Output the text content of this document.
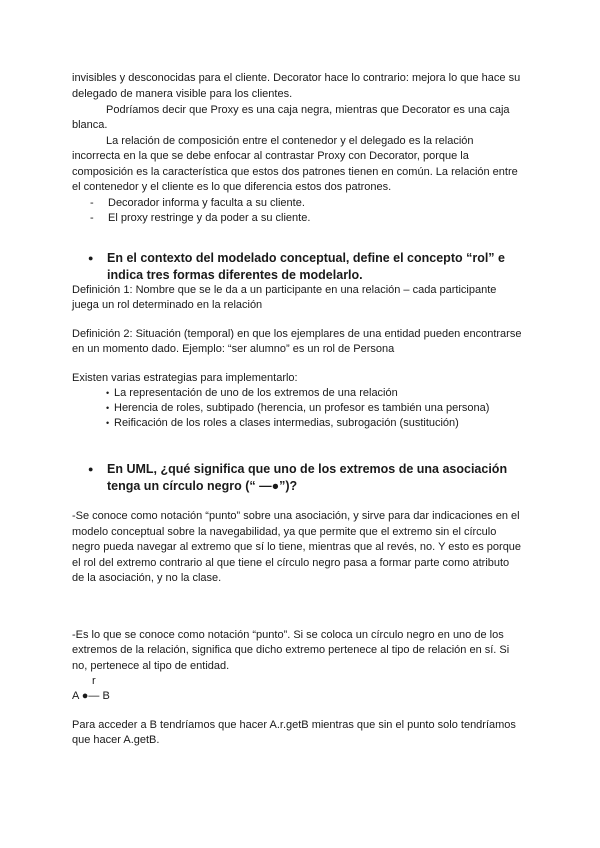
invisibles y desconocidas para el cliente. Decorator hace lo contrario: mejora lo que hace su

delegado de manera visible para los clientes.

Podríamos decir que Proxy es una caja negra, mientras que Decorator es una caja

blanca.

La relación de composición entre el contenedor y el delegado es la relación

incorrecta en la que se debe enfocar al contrastar Proxy con Decorator, porque la

composición es la característica que estos dos patrones tienen en común. La relación entre

el contenedor y el cliente es lo que diferencia estos dos patrones.

- Decorador informa y faculta a su cliente.

- El proxy restringe y da poder a su cliente.

● En el contexto del modelado conceptual, define el concepto “rol” e

indica tres formas diferentes de modelarlo.

Definición 1: Nombre que se le da a un participante en una relación – cada participante

juega un rol determinado en la relación

Definición 2: Situación (temporal) en que los ejemplares de una entidad pueden encontrarse

en un momento dado. Ejemplo: “ser alumno” es un rol de Persona

Existen varias estrategias para implementarlo:

• La representación de uno de los extremos de una relación

• Herencia de roles, subtipado (herencia, un profesor es también una persona)

• Reificación de los roles a clases intermedias, subrogación (sustitución)

● En UML, ¿qué significa que uno de los extremos de una asociación

tenga un círculo negro (“ —●”)?

-Se conoce como notación “punto” sobre una asociación, y sirve para dar indicaciones en el

modelo conceptual sobre la navegabilidad, ya que permite que el extremo sin el círculo

negro pueda navegar al extremo que sí lo tiene, mientras que al revés, no. Y esto es porque

el rol del extremo contrario al que tiene el círculo negro pasa a formar parte como atributo

de la asociación, y no la clase.

-Es lo que se conoce como notación “punto”. Si se coloca un círculo negro en uno de los

extremos de la relación, significa que dicho extremo pertenece al tipo de relación en sí. Si

no, pertenece al tipo de entidad.

r

A ●— B

Para acceder a B tendríamos que hacer A.r.getB mientras que sin el punto solo tendríamos

que hacer A.getB.
